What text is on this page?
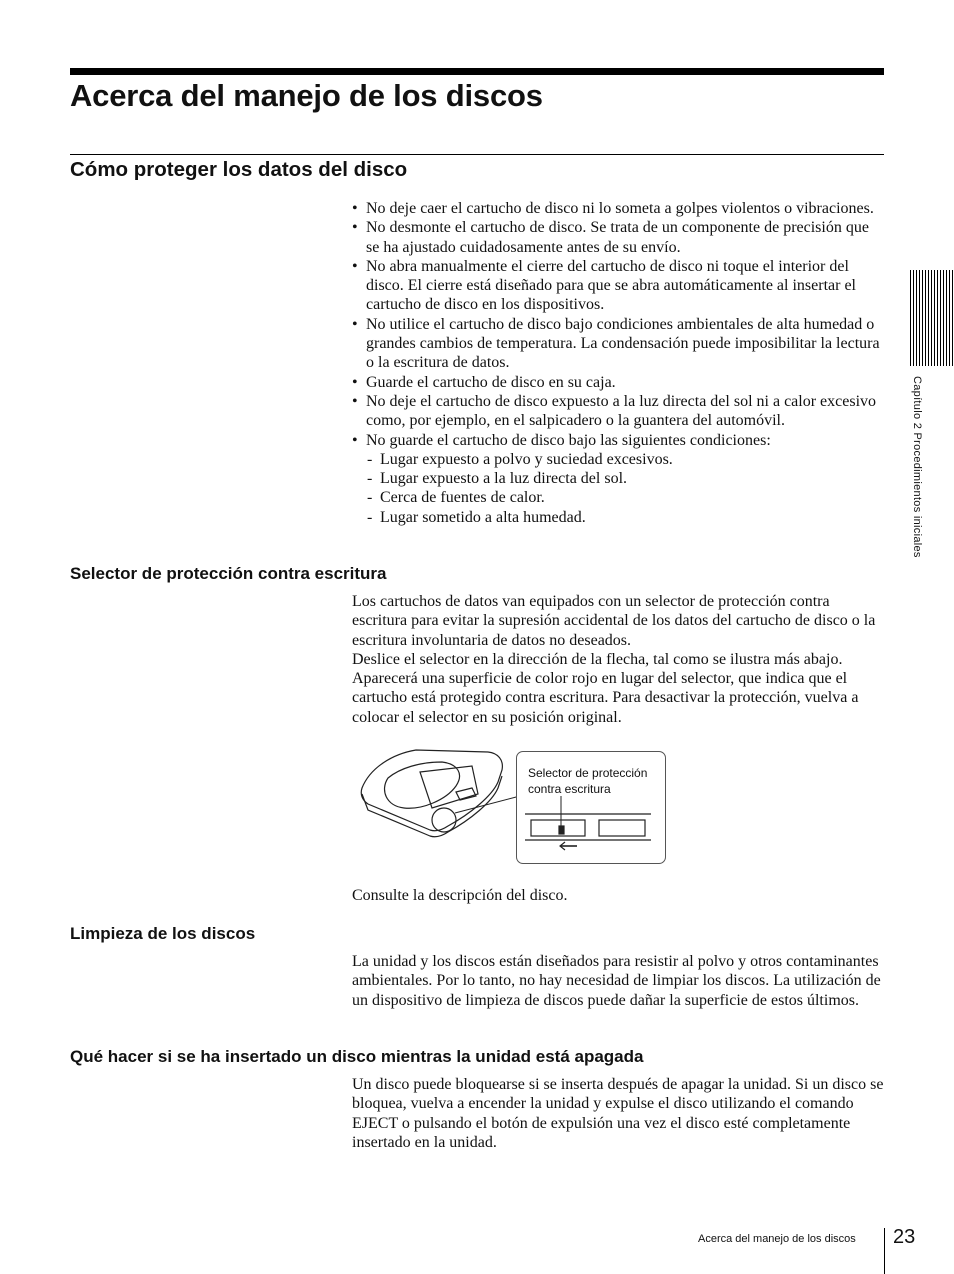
Acerca del manejo de los discos
Cómo proteger los datos del disco
• No deje caer el cartucho de disco ni lo someta a golpes violentos o vibraciones.
• No desmonte el cartucho de disco. Se trata de un componente de precisión que se ha ajustado cuidadosamente antes de su envío.
• No abra manualmente el cierre del cartucho de disco ni toque el interior del disco. El cierre está diseñado para que se abra automáticamente al insertar el cartucho de disco en los dispositivos.
• No utilice el cartucho de disco bajo condiciones ambientales de alta humedad o grandes cambios de temperatura. La condensación puede imposibilitar la lectura o la escritura de datos.
• Guarde el cartucho de disco en su caja.
• No deje el cartucho de disco expuesto a la luz directa del sol ni a calor excesivo como, por ejemplo, en el salpicadero o la guantera del automóvil.
• No guarde el cartucho de disco bajo las siguientes condiciones:
- Lugar expuesto a polvo y suciedad excesivos.
- Lugar expuesto a la luz directa del sol.
- Cerca de fuentes de calor.
- Lugar sometido a alta humedad.
Selector de protección contra escritura

Los cartuchos de datos van equipados con un selector de protección contra escritura para evitar la supresión accidental de los datos del cartucho de disco o la escritura involuntaria de datos no deseados.

Deslice el selector en la dirección de la flecha, tal como se ilustra más abajo. Aparecerá una superficie de color rojo en lugar del selector, que indica que el cartucho está protegido contra escritura. Para desactivar la protección, vuelva a colocar el selector en su posición original.

Selector de protección contra escritura
Consulte la descripción del disco.
Limpieza de los discos
La unidad y los discos están diseñados para resistir al polvo y otros contaminantes ambientales. Por lo tanto, no hay necesidad de limpiar los discos. La utilización de un dispositivo de limpieza de discos puede dañar la superficie de estos últimos.
Qué hacer si se ha insertado un disco mientras la unidad está apagada
Un disco puede bloquearse si se inserta después de apagar la unidad. Si un disco se bloquea, vuelva a encender la unidad y expulse el disco utilizando el comando EJECT o pulsando el botón de expulsión una vez el disco esté completamente insertado en la unidad.
Capítulo 2 Procedimientos iniciales
Acerca del manejo de los discos 23
